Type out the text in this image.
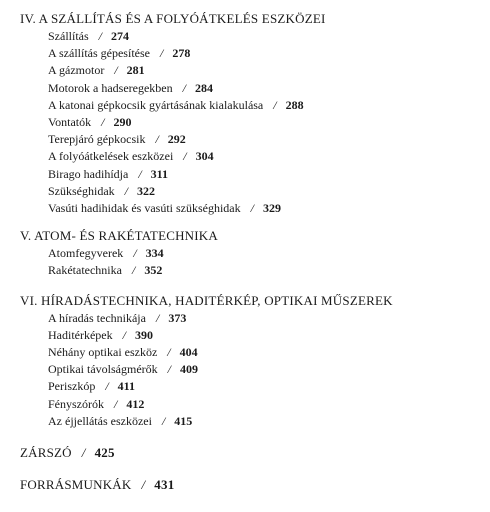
IV. A SZÁLLÍTÁS ÉS A FOLYÓÁTKELÉS ESZKÖZEI
Szállítás / 274
A szállítás gépesítése / 278
A gázmotor / 281
Motorok a hadseregekben / 284
A katonai gépkocsik gyártásának kialakulása / 288
Vontatók / 290
Terepjáró gépkocsik / 292
A folyóátkelések eszközei / 304
Birago hadihídja / 311
Szükséghidak / 322
Vasúti hadihidak és vasúti szükséghidak / 329
V. ATOM- ÉS RAKÉTATECHNIKA
Atomfegyverek / 334
Rakétatechnika / 352
VI. HÍRADÁSTECHNIKA, HADITÉRKÉP, OPTIKAI MŰSZEREK
A híradás technikája / 373
Haditérképek / 390
Néhány optikai eszköz / 404
Optikai távolságmérők / 409
Periszkóp / 411
Fényszórók / 412
Az éjjellátás eszközei / 415
ZÁRSZÓ / 425
FORRÁSMUNKÁK / 431
